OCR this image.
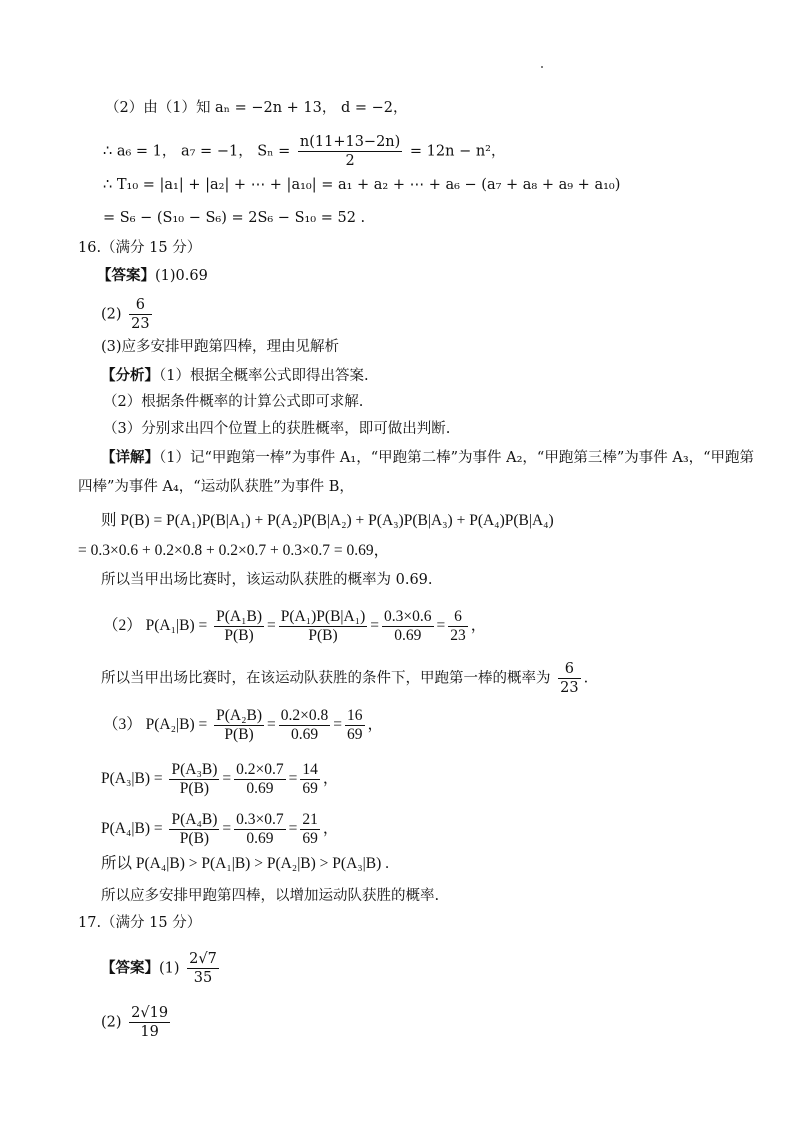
（2）由（1）知 aₙ = −2n + 13， d = −2，
∴ a₆ = 1， a₇ = −1， $S_n = \frac{n(11+13-2n)}{2} = 12n - n^2$，
∴ T₁₀ = |a₁| + |a₂| + ⋯ + |a₁₀| = a₁ + a₂ + ⋯ + a₆ − (a₇ + a₈ + a₉ + a₁₀)
= S₆ − (S₁₀ − S₆) = 2S₆ − S₁₀ = 52 .
16.（满分 15 分）
【答案】(1)0.69
$(2) \frac{6}{23}$
(3)应多安排甲跑第四棒，理由见解析
【分析】（1）根据全概率公式即得出答案.
（2）根据条件概率的计算公式即可求解.
（3）分别求出四个位置上的获胜概率，即可做出判断.
【详解】（1）记“甲跑第一棒”为事件 A₁，“甲跑第二棒”为事件 A₂，“甲跑第三棒”为事件 A₃，“甲跑第
四棒”为事件 A₄，“运动队获胜”为事件 B，
则 P(B) = P(A₁)P(B|A₁) + P(A₂)P(B|A₂) + P(A₃)P(B|A₃) + P(A₄)P(B|A₄)
= 0.3×0.6 + 0.2×0.8 + 0.2×0.7 + 0.3×0.7 = 0.69，
所以当甲出场比赛时，该运动队获胜的概率为 0.69.
（2） $P(A_1|B) = \frac{\text{P(A₁B)}}{P(B)} = \frac{\text{P(A₁)P(B|A₁)}}{P(B)} = \frac{0.3\times 0.6}{0.69} = \frac{6}{23}$ ，
所以当甲出场比赛时，在该运动队获胜的条件下，甲跑第一棒的概率为 $\frac{6}{23}$ .
（3） $P(A_2|B) = \frac{\text{P(A₂B)}}{P(B)} = \frac{0.2\times 0.8}{0.69} = \frac{16}{69}$ ，
$P(A_3|B) = \frac{\text{P(A₃B)}}{P(B)} = \frac{0.2\times 0.7}{0.69} = \frac{14}{69}$ ，
$P(A_4|B) = \frac{\text{P(A₄B)}}{P(B)} = \frac{0.3\times 0.7}{0.69} = \frac{21}{69}$ ，
所以 P(A₄|B) > P(A₁|B) > P(A₂|B) > P(A₃|B) .
所以应多安排甲跑第四棒，以增加运动队获胜的概率.
17.（满分 15 分）
【答案】$(1) \frac{2√7}{35}$
$(2) \frac{2√19}{19}$
